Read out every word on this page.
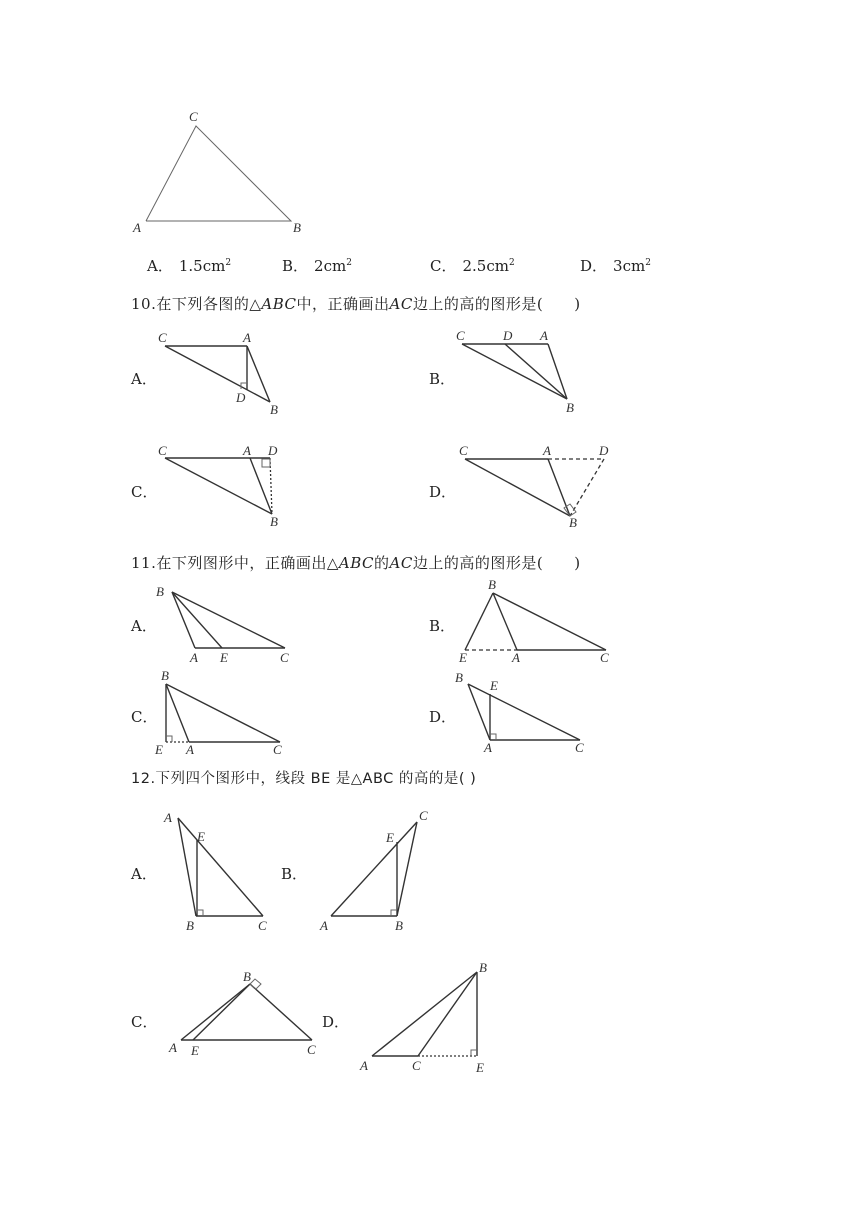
C
A	B
A． $1.5cm^2$	B． $2cm^2$	C． $2.5cm^2$	D． $3cm^2$
10.在下列各图的△ABC中，正确画出AC边上的高的图形是(　　)
A．	B．
C．	D．
C	A
D
B
C	D A
B
C	A D
B
C	A	D
B
11.在下列图形中，正确画出△ABC的AC边上的高的图形是(　　)
A．	B．
C．	D．
B
A E	C
B
E	A	C
B
E A	C
B
E
A	C
12.下列四个图形中，线段 BE 是△ABC 的高的是( )
A．	B．
C．	D．
A
E
B	C
C
E
A	B
B
A E	C
B
A	C	E
